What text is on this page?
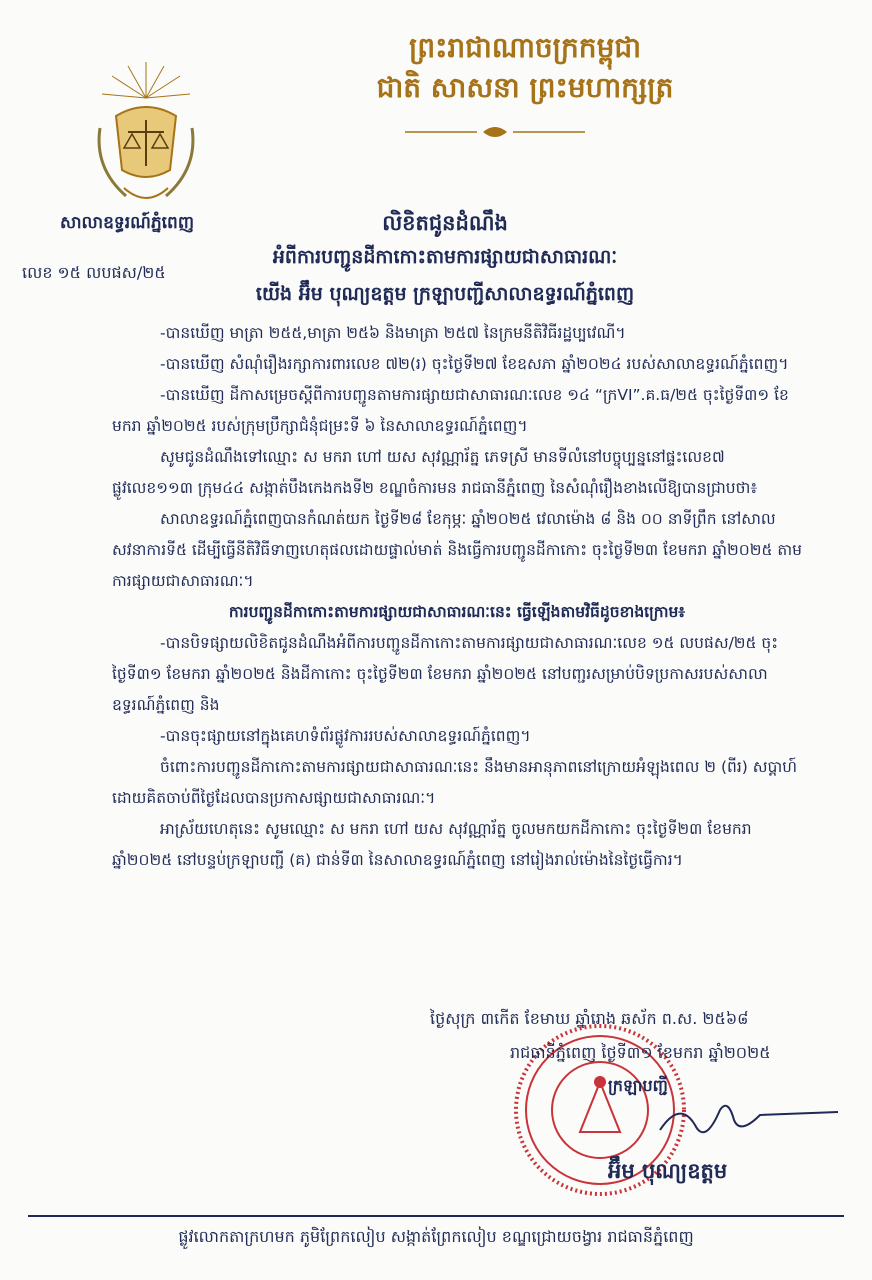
ព្រះរាជាណាចក្រកម្ពុជា
ជាតិ សាសនា ព្រះមហាក្សត្រ
សាលាឧទ្ធរណ៍ភ្នំពេញ
លេខ ១៥ លបផស/២៥
លិខិតជូនដំណឹង
អំពីការបញ្ជូនដីកាកោះតាមការផ្សាយជាសាធារណៈ
យើង អ៊ឹម បុណ្យឧត្តម ក្រឡាបញ្ជីសាលាឧទ្ធរណ៍ភ្នំពេញ

-បានឃើញ មាត្រា ២៥៥,មាត្រា ២៥៦ និងមាត្រា ២៥៧ នៃក្រមនីតិវិធីរដ្ឋប្បវេណី។

-បានឃើញ សំណុំរឿងរក្សាការពារលេខ ៧២(រ) ចុះថ្ងៃទី២៧ ខែឧសភា ឆ្នាំ២០២៤ របស់សាលាឧទ្ធរណ៍ភ្នំពេញ។

-បានឃើញ ដីកាសម្រេចស្តីពីការបញ្ជូនតាមការផ្សាយជាសាធារណៈលេខ ១៤ “ក្រVI”.គ.ធ/២៥ ចុះថ្ងៃទី៣១ ខែមករា ឆ្នាំ២០២៥ របស់ក្រុមប្រឹក្សាជំនុំជម្រះទី ៦ នៃសាលាឧទ្ធរណ៍ភ្នំពេញ។

សូមជូនដំណឹងទៅឈ្មោះ ស មករា ហៅ យស សុវណ្ណារ័ត្ន ភេទស្រី មានទីលំនៅបច្ចុប្បន្ននៅផ្ទះលេខ៧ ផ្លូវលេខ១១៣ ក្រុម៤៤ សង្កាត់បឹងកេងកងទី២ ខណ្ឌចំការមន រាជធានីភ្នំពេញ នៃសំណុំរឿងខាងលើឱ្យបានជ្រាបថា៖

សាលាឧទ្ធរណ៍ភ្នំពេញបានកំណត់យក ថ្ងៃទី២៨ ខែកុម្ភៈ ឆ្នាំ២០២៥ វេលាម៉ោង ៨ និង ០០ នាទីព្រឹក នៅសាលសវនាការទី៥ ដើម្បីធ្វើនីតិវិធីទាញហេតុផលដោយផ្ទាល់មាត់ និងធ្វើការបញ្ជូនដីកាកោះ ចុះថ្ងៃទី២៣ ខែមករា ឆ្នាំ២០២៥ តាមការផ្សាយជាសាធារណៈ។

ការបញ្ជូនដីកាកោះតាមការផ្សាយជាសាធារណៈនេះ ធ្វើឡើងតាមវិធីដូចខាងក្រោម៖

-បានបិទផ្សាយលិខិតជូនដំណឹងអំពីការបញ្ជូនដីកាកោះតាមការផ្សាយជាសាធារណៈលេខ ១៥ លបផស/២៥ ចុះថ្ងៃទី៣១ ខែមករា ឆ្នាំ២០២៥ និងដីកាកោះ ចុះថ្ងៃទី២៣ ខែមករា ឆ្នាំ២០២៥ នៅបញ្ជរសម្រាប់បិទប្រកាសរបស់សាលាឧទ្ធរណ៍ភ្នំពេញ និង

-បានចុះផ្សាយនៅក្នុងគេហទំព័រផ្លូវការរបស់សាលាឧទ្ធរណ៍ភ្នំពេញ។

ចំពោះការបញ្ជូនដីកាកោះតាមការផ្សាយជាសាធារណៈនេះ នឹងមានអានុភាពនៅក្រោយអំឡុងពេល ២ (ពីរ) សប្តាហ៍ ដោយគិតចាប់ពីថ្ងៃដែលបានប្រកាសផ្សាយជាសាធារណៈ។

អាស្រ័យហេតុនេះ សូមឈ្មោះ ស មករា ហៅ យស សុវណ្ណារ័ត្ន ចូលមកយកដីកាកោះ ចុះថ្ងៃទី២៣ ខែមករា ឆ្នាំ២០២៥ នៅបន្ទប់ក្រឡាបញ្ជី (គ) ជាន់ទី៣ នៃសាលាឧទ្ធរណ៍ភ្នំពេញ នៅរៀងរាល់ម៉ោងនៃថ្ងៃធ្វើការ។

ថ្ងៃសុក្រ ៣កើត ខែមាឃ ឆ្នាំរោង ឆស័ក ព.ស. ២៥៦៨
រាជធានីភ្នំពេញ ថ្ងៃទី៣១ ខែមករា ឆ្នាំ២០២៥
ក្រឡាបញ្ជី
អ៊ឹម បុណ្យឧត្តម
ផ្លូវលោកតាក្រហមក ភូមិព្រែកលៀប សង្កាត់ព្រែកលៀប ខណ្ឌជ្រោយចង្វារ រាជធានីភ្នំពេញ
